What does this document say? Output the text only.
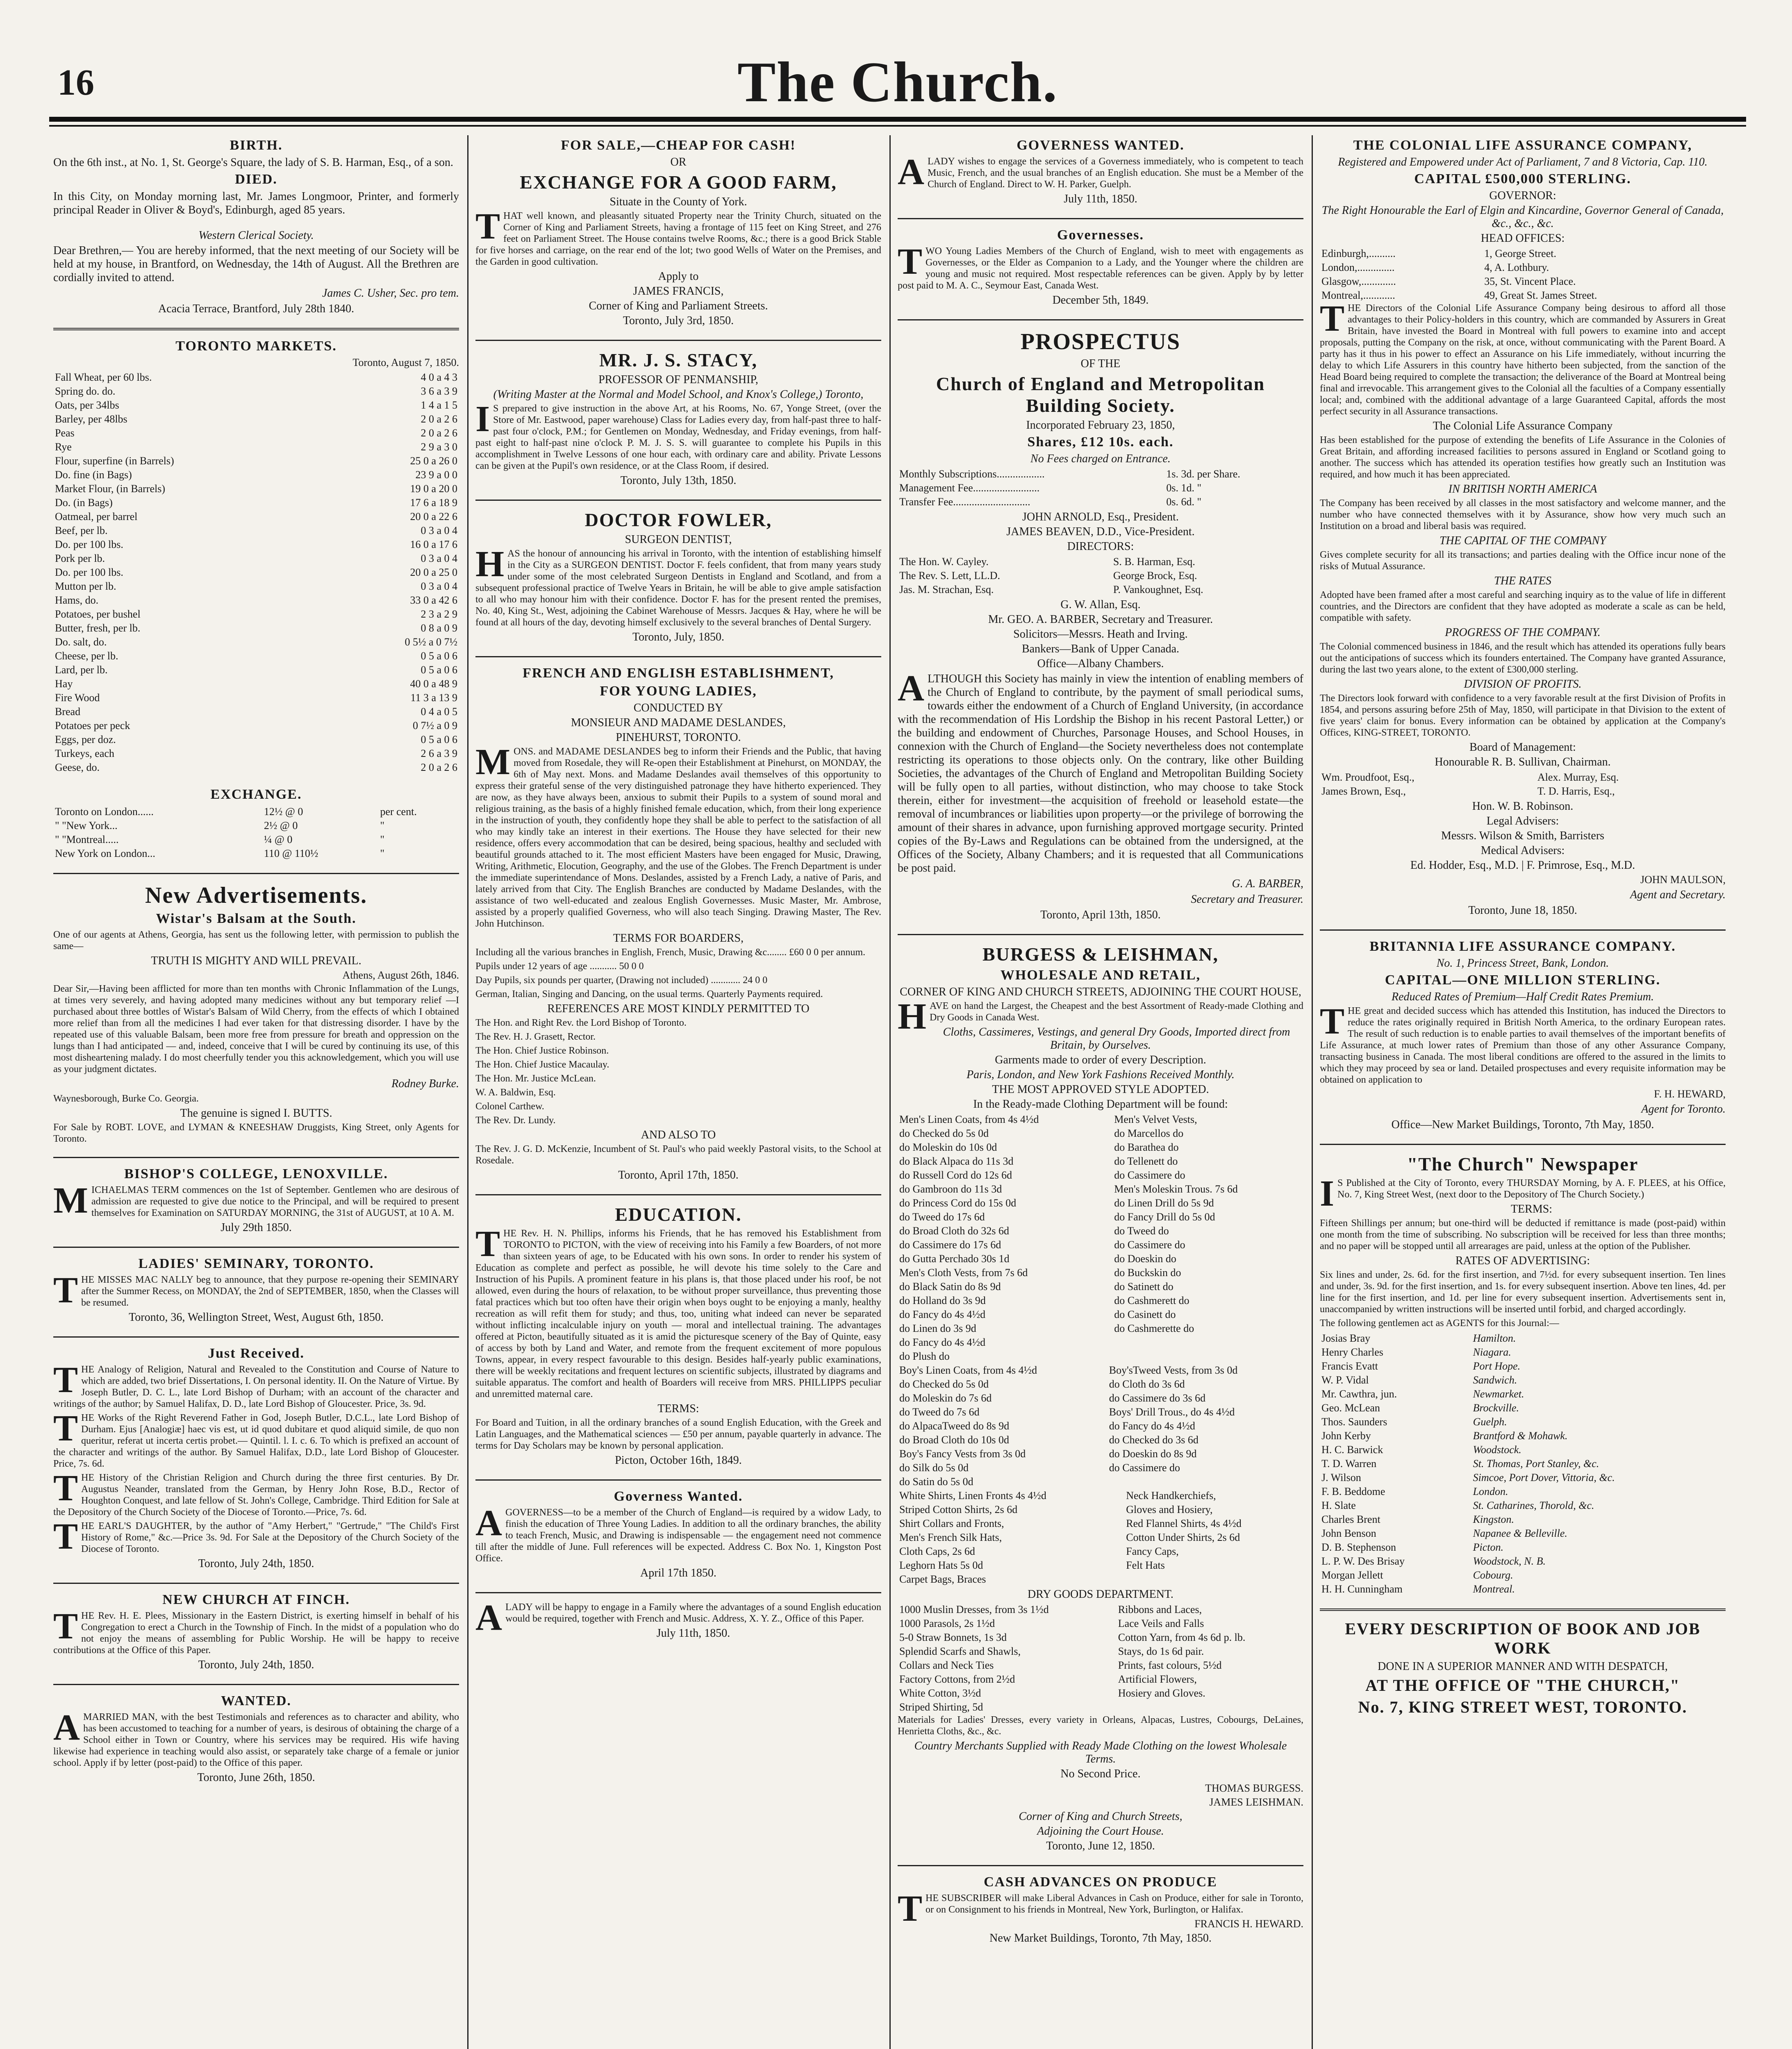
16	The Church.
BIRTH.

On the 6th inst., at No. 1, St. George's Square, the lady of S. B. Harman, Esq., of a son.

DIED.

In this City, on Monday morning last, Mr. James Longmoor, Printer, and formerly principal Reader in Oliver & Boyd's, Edinburgh, aged 85 years.

Western Clerical Society.

Dear Brethren,— You are hereby informed, that the next meeting of our Society will be held at my house, in Brantford, on Wednesday, the 14th of August. All the Brethren are cordially invited to attend.

James C. Usher, Sec. pro tem.
Acacia Terrace, Brantford, July 28th 1840.
TORONTO MARKETS.
Toronto, August 7, 1850.
Fall Wheat, per 60 lbs.	4 0 a 4 3
Spring do. do.	3 6 a 3 9
Oats, per 34lbs	1 4 a 1 5
Barley, per 48lbs	2 0 a 2 6
Peas	2 0 a 2 6
Rye	2 9 a 3 0
Flour, superfine (in Barrels)	25 0 a 26 0
Do. fine (in Bags)	23 9 a 0 0
Market Flour, (in Barrels)	19 0 a 20 0
Do. (in Bags)	17 6 a 18 9
Oatmeal, per barrel	20 0 a 22 6
Beef, per lb.	0 3 a 0 4
Do. per 100 lbs.	16 0 a 17 6
Pork per lb.	0 3 a 0 4
Do. per 100 lbs.	20 0 a 25 0
Mutton per lb.	0 3 a 0 4
Hams, do.	33 0 a 42 6
Potatoes, per bushel	2 3 a 2 9
Butter, fresh, per lb.	0 8 a 0 9
Do. salt, do.	0 5½ a 0 7½
Cheese, per lb.	0 5 a 0 6
Lard, per lb.	0 5 a 0 6
Hay	40 0 a 48 9
Fire Wood	11 3 a 13 9
Bread	0 4 a 0 5
Potatoes per peck	0 7½ a 0 9
Eggs, per doz.	0 5 a 0 6
Turkeys, each	2 6 a 3 9
Geese, do.	2 0 a 2 6
EXCHANGE.
Toronto on London......	12½ @ 0	per cent.
" "New York...	2½ @ 0	"
" "Montreal.....	¼ @ 0	"
New York on London...	110 @ 110½	"
New Advertisements.
Wistar's Balsam at the South.

One of our agents at Athens, Georgia, has sent us the following letter, with permission to publish the same—

TRUTH IS MIGHTY AND WILL PREVAIL.
Athens, August 26th, 1846.

Dear Sir,—Having been afflicted for more than ten months with Chronic Inflammation of the Lungs, at times very severely, and having adopted many medicines without any but temporary relief —I purchased about three bottles of Wistar's Balsam of Wild Cherry, from the effects of which I obtained more relief than from all the medicines I had ever taken for that distressing disorder. I have by the repeated use of this valuable Balsam, been more free from pressure for breath and oppression on the lungs than I had anticipated — and, indeed, conceive that I will be cured by continuing its use, of this most disheartening malady. I do most cheerfully tender you this acknowledgement, which you will use as your judgment dictates.

Rodney Burke.

Waynesborough, Burke Co. Georgia.

The genuine is signed I. BUTTS.

For Sale by ROBT. LOVE, and LYMAN & KNEESHAW Druggists, King Street, only Agents for Toronto.

BISHOP'S COLLEGE, LENOXVILLE.

MICHAELMAS TERM commences on the 1st of September. Gentlemen who are desirous of admission are requested to give due notice to the Principal, and will be required to present themselves for Examination on SATURDAY MORNING, the 31st of AUGUST, at 10 A. M.

July 29th 1850.
LADIES' SEMINARY, TORONTO.

THE MISSES MAC NALLY beg to announce, that they purpose re-opening their SEMINARY after the Summer Recess, on MONDAY, the 2nd of SEPTEMBER, 1850, when the Classes will be resumed.

Toronto, 36, Wellington Street, West, August 6th, 1850.
Just Received.

THE Analogy of Religion, Natural and Revealed to the Constitution and Course of Nature to which are added, two brief Dissertations, I. On personal identity. II. On the Nature of Virtue. By Joseph Butler, D. C. L., late Lord Bishop of Durham; with an account of the character and writings of the author; by Samuel Halifax, D. D., late Lord Bishop of Gloucester. Price, 3s. 9d.

THE Works of the Right Reverend Father in God, Joseph Butler, D.C.L., late Lord Bishop of Durham. Ejus [Analogiæ] haec vis est, ut id quod dubitare et quod aliquid simile, de quo non queritur, referat ut incerta certis probet.— Quintil. l. I. c. 6. To which is prefixed an account of the character and writings of the author. By Samuel Halifax, D.D., late Lord Bishop of Gloucester. Price, 7s. 6d.

THE History of the Christian Religion and Church during the three first centuries. By Dr. Augustus Neander, translated from the German, by Henry John Rose, B.D., Rector of Houghton Conquest, and late fellow of St. John's College, Cambridge. Third Edition for Sale at the Depository of the Church Society of the Diocese of Toronto.—Price, 7s. 6d.

THE EARL'S DAUGHTER, by the author of "Amy Herbert," "Gertrude," "The Child's First History of Rome," &c.—Price 3s. 9d. For Sale at the Depository of the Church Society of the Diocese of Toronto.

Toronto, July 24th, 1850.
NEW CHURCH AT FINCH.

THE Rev. H. E. Plees, Missionary in the Eastern District, is exerting himself in behalf of his Congregation to erect a Church in the Township of Finch. In the midst of a population who do not enjoy the means of assembling for Public Worship. He will be happy to receive contributions at the Office of this Paper.

Toronto, July 24th, 1850.
WANTED.

AMARRIED MAN, with the best Testimonials and references as to character and ability, who has been accustomed to teaching for a number of years, is desirous of obtaining the charge of a School either in Town or Country, where his services may be required. His wife having likewise had experience in teaching would also assist, or separately take charge of a female or junior school. Apply if by letter (post-paid) to the Office of this paper.

Toronto, June 26th, 1850.
FOR SALE,—CHEAP FOR CASH!
OR
EXCHANGE FOR A GOOD FARM,
Situate in the County of York.

THAT well known, and pleasantly situated Property near the Trinity Church, situated on the Corner of King and Parliament Streets, having a frontage of 115 feet on King Street, and 276 feet on Parliament Street. The House contains twelve Rooms, &c.; there is a good Brick Stable for five horses and carriage, on the rear end of the lot; two good Wells of Water on the Premises, and the Garden in good cultivation.

Apply to
JAMES FRANCIS,
Corner of King and Parliament Streets.
Toronto, July 3rd, 1850.
MR. J. S. STACY,
PROFESSOR OF PENMANSHIP,
(Writing Master at the Normal and Model School, and Knox's College,) Toronto,

IS prepared to give instruction in the above Art, at his Rooms, No. 67, Yonge Street, (over the Store of Mr. Eastwood, paper warehouse) Class for Ladies every day, from half-past three to half-past four o'clock, P.M.; for Gentlemen on Monday, Wednesday, and Friday evenings, from half-past eight to half-past nine o'clock P. M. J. S. S. will guarantee to complete his Pupils in this accomplishment in Twelve Lessons of one hour each, with ordinary care and ability. Private Lessons can be given at the Pupil's own residence, or at the Class Room, if desired.

Toronto, July 13th, 1850.
DOCTOR FOWLER,
SURGEON DENTIST,

HAS the honour of announcing his arrival in Toronto, with the intention of establishing himself in the City as a SURGEON DENTIST. Doctor F. feels confident, that from many years study under some of the most celebrated Surgeon Dentists in England and Scotland, and from a subsequent professional practice of Twelve Years in Britain, he will be able to give ample satisfaction to all who may honour him with their confidence. Doctor F. has for the present rented the premises, No. 40, King St., West, adjoining the Cabinet Warehouse of Messrs. Jacques & Hay, where he will be found at all hours of the day, devoting himself exclusively to the several branches of Dental Surgery.

Toronto, July, 1850.
FRENCH AND ENGLISH ESTABLISHMENT,
FOR YOUNG LADIES,
CONDUCTED BY
MONSIEUR AND MADAME DESLANDES,
PINEHURST, TORONTO.

MONS. and MADAME DESLANDES beg to inform their Friends and the Public, that having moved from Rosedale, they will Re-open their Establishment at Pinehurst, on MONDAY, the 6th of May next. Mons. and Madame Deslandes avail themselves of this opportunity to express their grateful sense of the very distinguished patronage they have hitherto experienced. They are now, as they have always been, anxious to submit their Pupils to a system of sound moral and religious training, as the basis of a highly finished female education, which, from their long experience in the instruction of youth, they confidently hope they shall be able to perfect to the satisfaction of all who may kindly take an interest in their exertions. The House they have selected for their new residence, offers every accommodation that can be desired, being spacious, healthy and secluded with beautiful grounds attached to it. The most efficient Masters have been engaged for Music, Drawing, Writing, Arithmetic, Elocution, Geography, and the use of the Globes. The French Department is under the immediate superintendance of Mons. Deslandes, assisted by a French Lady, a native of Paris, and lately arrived from that City. The English Branches are conducted by Madame Deslandes, with the assistance of two well-educated and zealous English Governesses. Music Master, Mr. Ambrose, assisted by a properly qualified Governess, who will also teach Singing. Drawing Master, The Rev. John Hutchinson.

TERMS FOR BOARDERS,

Including all the various branches in English, French, Music, Drawing &c........ £60 0 0 per annum.

Pupils under 12 years of age ........... 50 0 0

Day Pupils, six pounds per quarter, (Drawing not included) ............ 24 0 0

German, Italian, Singing and Dancing, on the usual terms. Quarterly Payments required.

REFERENCES ARE MOST KINDLY PERMITTED TO

The Hon. and Right Rev. the Lord Bishop of Toronto.

The Rev. H. J. Grasett, Rector.

The Hon. Chief Justice Robinson.

The Hon. Chief Justice Macaulay.

The Hon. Mr. Justice McLean.

W. A. Baldwin, Esq.

Colonel Carthew.

The Rev. Dr. Lundy.

AND ALSO TO

The Rev. J. G. D. McKenzie, Incumbent of St. Paul's who paid weekly Pastoral visits, to the School at Rosedale.

Toronto, April 17th, 1850.
EDUCATION.

THE Rev. H. N. Phillips, informs his Friends, that he has removed his Establishment from TORONTO to PICTON, with the view of receiving into his Family a few Boarders, of not more than sixteen years of age, to be Educated with his own sons. In order to render his system of Education as complete and perfect as possible, he will devote his time solely to the Care and Instruction of his Pupils. A prominent feature in his plans is, that those placed under his roof, be not allowed, even during the hours of relaxation, to be without proper surveillance, thus preventing those fatal practices which but too often have their origin when boys ought to be enjoying a manly, healthy recreation as will refit them for study; and thus, too, uniting what indeed can never be separated without inflicting incalculable injury on youth — moral and intellectual training. The advantages offered at Picton, beautifully situated as it is amid the picturesque scenery of the Bay of Quinte, easy of access by both by Land and Water, and remote from the frequent excitement of more populous Towns, appear, in every respect favourable to this design. Besides half-yearly public examinations, there will be weekly recitations and frequent lectures on scientific subjects, illustrated by diagrams and suitable apparatus. The comfort and health of Boarders will receive from MRS. PHILLIPPS peculiar and unremitted maternal care.

TERMS:

For Board and Tuition, in all the ordinary branches of a sound English Education, with the Greek and Latin Languages, and the Mathematical sciences — £50 per annum, payable quarterly in advance. The terms for Day Scholars may be known by personal application.

Picton, October 16th, 1849.
Governess Wanted.

AGOVERNESS—to be a member of the Church of England—is required by a widow Lady, to finish the education of Three Young Ladies. In addition to all the ordinary branches, the ability to teach French, Music, and Drawing is indispensable — the engagement need not commence till after the middle of June. Full references will be expected. Address C. Box No. 1, Kingston Post Office.

April 17th 1850.

ALADY will be happy to engage in a Family where the advantages of a sound English education would be required, together with French and Music. Address, X. Y. Z., Office of this Paper.

July 11th, 1850.
GOVERNESS WANTED.

ALADY wishes to engage the services of a Governess immediately, who is competent to teach Music, French, and the usual branches of an English education. She must be a Member of the Church of England. Direct to W. H. Parker, Guelph.

July 11th, 1850.
Governesses.

TWO Young Ladies Members of the Church of England, wish to meet with engagements as Governesses, or the Elder as Companion to a Lady, and the Younger where the children are young and music not required. Most respectable references can be given. Apply by by letter post paid to M. A. C., Seymour East, Canada West.

December 5th, 1849.
PROSPECTUS
OF THE
Church of England and Metropolitan Building Society.
Incorporated February 23, 1850,
Shares, £12 10s. each.
No Fees charged on Entrance.
Monthly Subscriptions..................	1s. 3d. per Share.
Management Fee.........................	0s. 1d. "
Transfer Fee.............................	0s. 6d. "
JOHN ARNOLD, Esq., President.
JAMES BEAVEN, D.D., Vice-President.
DIRECTORS:
The Hon. W. Cayley.	S. B. Harman, Esq.
The Rev. S. Lett, LL.D.	George Brock, Esq.
Jas. M. Strachan, Esq.	P. Vankoughnet, Esq.
G. W. Allan, Esq.
Mr. GEO. A. BARBER, Secretary and Treasurer.
Solicitors—Messrs. Heath and Irving.
Bankers—Bank of Upper Canada.
Office—Albany Chambers.

ALTHOUGH this Society has mainly in view the intention of enabling members of the Church of England to contribute, by the payment of small periodical sums, towards either the endowment of a Church of England University, (in accordance with the recommendation of His Lordship the Bishop in his recent Pastoral Letter,) or the building and endowment of Churches, Parsonage Houses, and School Houses, in connexion with the Church of England—the Society nevertheless does not contemplate restricting its operations to those objects only. On the contrary, like other Building Societies, the advantages of the Church of England and Metropolitan Building Society will be fully open to all parties, without distinction, who may choose to take Stock therein, either for investment—the acquisition of freehold or leasehold estate—the removal of incumbrances or liabilities upon property—or the privilege of borrowing the amount of their shares in advance, upon furnishing approved mortgage security. Printed copies of the By-Laws and Regulations can be obtained from the undersigned, at the Offices of the Society, Albany Chambers; and it is requested that all Communications be post paid.

G. A. BARBER,
Secretary and Treasurer.
Toronto, April 13th, 1850.
BURGESS & LEISHMAN,
WHOLESALE AND RETAIL,
CORNER OF KING AND CHURCH STREETS, ADJOINING THE COURT HOUSE,

HAVE on hand the Largest, the Cheapest and the best Assortment of Ready-made Clothing and Dry Goods in Canada West.

Cloths, Cassimeres, Vestings, and general Dry Goods, Imported direct from Britain, by Ourselves.
Garments made to order of every Description.
Paris, London, and New York Fashions Received Monthly.
THE MOST APPROVED STYLE ADOPTED.
In the Ready-made Clothing Department will be found:
Men's Linen Coats, from 4s 4½d	Men's Velvet Vests,
do Checked do 5s 0d	do Marcellos do
do Moleskin do 10s 0d	do Barathea do
do Black Alpaca do 11s 3d	do Tellenett do
do Russell Cord do 12s 6d	do Cassimere do
do Gambroon do 11s 3d	Men's Moleskin Trous. 7s 6d
do Princess Cord do 15s 0d	do Linen Drill do 5s 9d
do Tweed do 17s 6d	do Fancy Drill do 5s 0d
do Broad Cloth do 32s 6d	do Tweed do
do Cassimere do 17s 6d	do Cassimere do
do Gutta Perchado 30s 1d	do Doeskin do
Men's Cloth Vests, from 7s 6d	do Buckskin do
do Black Satin do 8s 9d	do Satinett do
do Holland do 3s 9d	do Cashmerett do
do Fancy do 4s 4½d	do Casinett do
do Linen do 3s 9d	do Cashmerette do
do Fancy do 4s 4½d	
do Plush do	
Boy's Linen Coats, from 4s 4½d	Boy'sTweed Vests, from 3s 0d
do Checked do 5s 0d	do Cloth do 3s 6d
do Moleskin do 7s 6d	do Cassimere do 3s 6d
do Tweed do 7s 6d	Boys' Drill Trous., do 4s 4½d
do AlpacaTweed do 8s 9d	do Fancy do 4s 4½d
do Broad Cloth do 10s 0d	do Checked do 3s 6d
Boy's Fancy Vests from 3s 0d	do Doeskin do 8s 9d
do Silk do 5s 0d	do Cassimere do
do Satin do 5s 0d	
White Shirts, Linen Fronts 4s 4½d	Neck Handkerchiefs,
Striped Cotton Shirts, 2s 6d	Gloves and Hosiery,
Shirt Collars and Fronts,	Red Flannel Shirts, 4s 4½d
Men's French Silk Hats,	Cotton Under Shirts, 2s 6d
Cloth Caps, 2s 6d	Fancy Caps,
Leghorn Hats 5s 0d	Felt Hats
Carpet Bags, Braces	
DRY GOODS DEPARTMENT.
1000 Muslin Dresses, from 3s 1½d	Ribbons and Laces,
1000 Parasols, 2s 1½d	Lace Veils and Falls
5-0 Straw Bonnets, 1s 3d	Cotton Yarn, from 4s 6d p. lb.
Splendid Scarfs and Shawls,	Stays, do 1s 6d pair.
Collars and Neck Ties	Prints, fast colours, 5½d
Factory Cottons, from 2½d	Artificial Flowers,
White Cotton, 3½d	Hosiery and Gloves.
Striped Shirting, 5d	

Materials for Ladies' Dresses, every variety in Orleans, Alpacas, Lustres, Cobourgs, DeLaines, Henrietta Cloths, &c., &c.

Country Merchants Supplied with Ready Made Clothing on the lowest Wholesale Terms.
No Second Price.
THOMAS BURGESS.
JAMES LEISHMAN.
Corner of King and Church Streets,
Adjoining the Court House.
Toronto, June 12, 1850.
CASH ADVANCES ON PRODUCE

THE SUBSCRIBER will make Liberal Advances in Cash on Produce, either for sale in Toronto, or on Consignment to his friends in Montreal, New York, Burlington, or Halifax.

FRANCIS H. HEWARD.
New Market Buildings, Toronto, 7th May, 1850.
THE COLONIAL LIFE ASSURANCE COMPANY,
Registered and Empowered under Act of Parliament, 7 and 8 Victoria, Cap. 110.
CAPITAL £500,000 STERLING.
GOVERNOR:
The Right Honourable the Earl of Elgin and Kincardine, Governor General of Canada, &c., &c., &c.
HEAD OFFICES:
Edinburgh,..........	1, George Street.
London,..............	4, A. Lothbury.
Glasgow,.............	35, St. Vincent Place.
Montreal,............	49, Great St. James Street.

THE Directors of the Colonial Life Assurance Company being desirous to afford all those advantages to their Policy-holders in this country, which are commanded by Assurers in Great Britain, have invested the Board in Montreal with full powers to examine into and accept proposals, putting the Company on the risk, at once, without communicating with the Parent Board. A party has it thus in his power to effect an Assurance on his Life immediately, without incurring the delay to which Life Assurers in this country have hitherto been subjected, from the sanction of the Head Board being required to complete the transaction; the deliverance of the Board at Montreal being final and irrevocable. This arrangement gives to the Colonial all the faculties of a Company essentially local; and, combined with the additional advantage of a large Guaranteed Capital, affords the most perfect security in all Assurance transactions.

The Colonial Life Assurance Company

Has been established for the purpose of extending the benefits of Life Assurance in the Colonies of Great Britain, and affording increased facilities to persons assured in England or Scotland going to another. The success which has attended its operation testifies how greatly such an Institution was required, and how much it has been appreciated.

IN BRITISH NORTH AMERICA

The Company has been received by all classes in the most satisfactory and welcome manner, and the number who have connected themselves with it by Assurance, show how very much such an Institution on a broad and liberal basis was required.

THE CAPITAL OF THE COMPANY

Gives complete security for all its transactions; and parties dealing with the Office incur none of the risks of Mutual Assurance.

THE RATES

Adopted have been framed after a most careful and searching inquiry as to the value of life in different countries, and the Directors are confident that they have adopted as moderate a scale as can be held, compatible with safety.

PROGRESS OF THE COMPANY.

The Colonial commenced business in 1846, and the result which has attended its operations fully bears out the anticipations of success which its founders entertained. The Company have granted Assurance, during the last two years alone, to the extent of £300,000 sterling.

DIVISION OF PROFITS.

The Directors look forward with confidence to a very favorable result at the first Division of Profits in 1854, and persons assuring before 25th of May, 1850, will participate in that Division to the extent of five years' claim for bonus. Every information can be obtained by application at the Company's Offices, KING-STREET, TORONTO.

Board of Management:
Honourable R. B. Sullivan, Chairman.
Wm. Proudfoot, Esq.,	Alex. Murray, Esq.
James Brown, Esq.,	T. D. Harris, Esq.,
Hon. W. B. Robinson.
Legal Advisers:
Messrs. Wilson & Smith, Barristers
Medical Advisers:
Ed. Hodder, Esq., M.D. | F. Primrose, Esq., M.D.
JOHN MAULSON,
Agent and Secretary.
Toronto, June 18, 1850.
BRITANNIA LIFE ASSURANCE COMPANY.
No. 1, Princess Street, Bank, London.
CAPITAL—ONE MILLION STERLING.
Reduced Rates of Premium—Half Credit Rates Premium.

THE great and decided success which has attended this Institution, has induced the Directors to reduce the rates originally required in British North America, to the ordinary European rates. The result of such reduction is to enable parties to avail themselves of the important benefits of Life Assurance, at much lower rates of Premium than those of any other Assurance Company, transacting business in Canada. The most liberal conditions are offered to the assured in the limits to which they may proceed by sea or land. Detailed prospectuses and every requisite information may be obtained on application to

F. H. HEWARD,
Agent for Toronto.
Office—New Market Buildings, Toronto, 7th May, 1850.
"The Church" Newspaper

IS Published at the City of Toronto, every THURSDAY Morning, by A. F. PLEES, at his Office, No. 7, King Street West, (next door to the Depository of The Church Society.)

TERMS:

Fifteen Shillings per annum; but one-third will be deducted if remittance is made (post-paid) within one month from the time of subscribing. No subscription will be received for less than three months; and no paper will be stopped until all arrearages are paid, unless at the option of the Publisher.

RATES OF ADVERTISING:

Six lines and under, 2s. 6d. for the first insertion, and 7½d. for every subsequent insertion. Ten lines and under, 3s. 9d. for the first insertion, and 1s. for every subsequent insertion. Above ten lines, 4d. per line for the first insertion, and 1d. per line for every subsequent insertion. Advertisements sent in, unaccompanied by written instructions will be inserted until forbid, and charged accordingly.

The following gentlemen act as AGENTS for this Journal:—

Josias Bray	Hamilton.
Henry Charles	Niagara.
Francis Evatt	Port Hope.
W. P. Vidal	Sandwich.
Mr. Cawthra, jun.	Newmarket.
Geo. McLean	Brockville.
Thos. Saunders	Guelph.
John Kerby	Brantford & Mohawk.
H. C. Barwick	Woodstock.
T. D. Warren	St. Thomas, Port Stanley, &c.
J. Wilson	Simcoe, Port Dover, Vittoria, &c.
F. B. Beddome	London.
H. Slate	St. Catharines, Thorold, &c.
Charles Brent	Kingston.
John Benson	Napanee & Belleville.
D. B. Stephenson	Picton.
L. P. W. Des Brisay	Woodstock, N. B.
Morgan Jellett	Cobourg.
H. H. Cunningham	Montreal.
EVERY DESCRIPTION OF BOOK AND JOB WORK
DONE IN A SUPERIOR MANNER AND WITH DESPATCH,
AT THE OFFICE OF "THE CHURCH,"
No. 7, KING STREET WEST, TORONTO.
